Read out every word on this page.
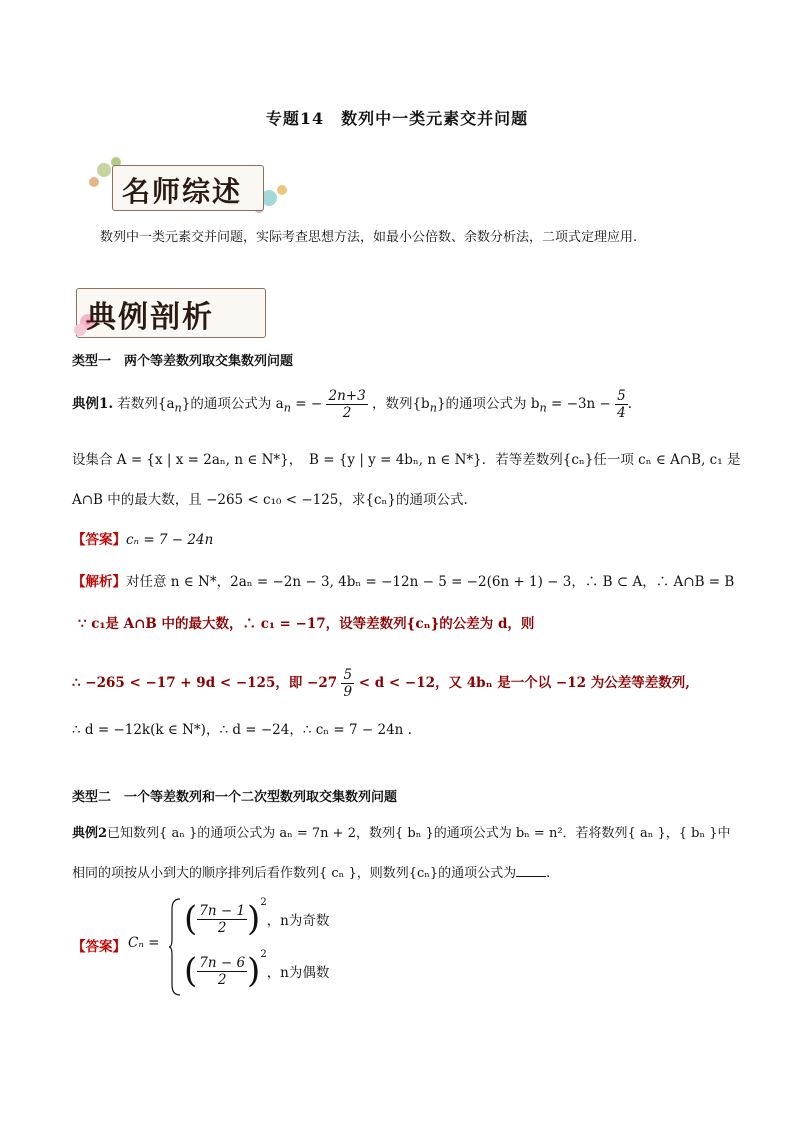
专题14　数列中一类元素交并问题
名师综述
数列中一类元素交并问题，实际考查思想方法，如最小公倍数、余数分析法，二项式定理应用.
典例剖析
类型一　两个等差数列取交集数列问题
典例1. 若数列$\{a_n\}$的通项公式为 $a_n$ = − $\frac{2n+3}{2}$ ，数列$\{b_n\}$的通项公式为 $b_n = -3n - \frac{5}{4}$ .
设集合 A = {x | x = 2aₙ, n ∈ N*}，　B = {y | y = 4bₙ, n ∈ N*}．若等差数列{cₙ}任一项 cₙ ∈ A∩B, c₁ 是
A∩B 中的最大数，且 −265 < c₁₀ < −125，求{cₙ}的通项公式.
【答案】cₙ = 7 − 24n
【解析】对任意 n ∈ N*，2aₙ = −2n − 3, 4bₙ = −12n − 5 = −2(6n + 1) − 3，∴ B ⊂ A，∴ A∩B = B
∵ c₁是 A∩B 中的最大数，∴ c₁ = −17，设等差数列{cₙ}的公差为 d，则
∴ −265 < −17 + 9d < −125，即 $-27 \frac{5}{9} < d < -12$，又 4bₙ 是一个以 −12 为公差等差数列,
∴ d = −12k(k ∈ N*)，∴ d = −24，∴ cₙ = 7 − 24n .
类型二　一个等差数列和一个二次型数列取交集数列问题
典例2已知数列{ aₙ }的通项公式为 aₙ = 7n + 2，数列{ bₙ }的通项公式为 bₙ = n²．若将数列{ aₙ }，{ bₙ }中
相同的项按从小到大的顺序排列后看作数列{ cₙ }，则数列{cₙ}的通项公式为 .
【答案】 Cₙ =
( $\frac{7n - 1}{2} )^2$，n为奇数
( $\frac{7n - 6}{2} )^2$，n为偶数
